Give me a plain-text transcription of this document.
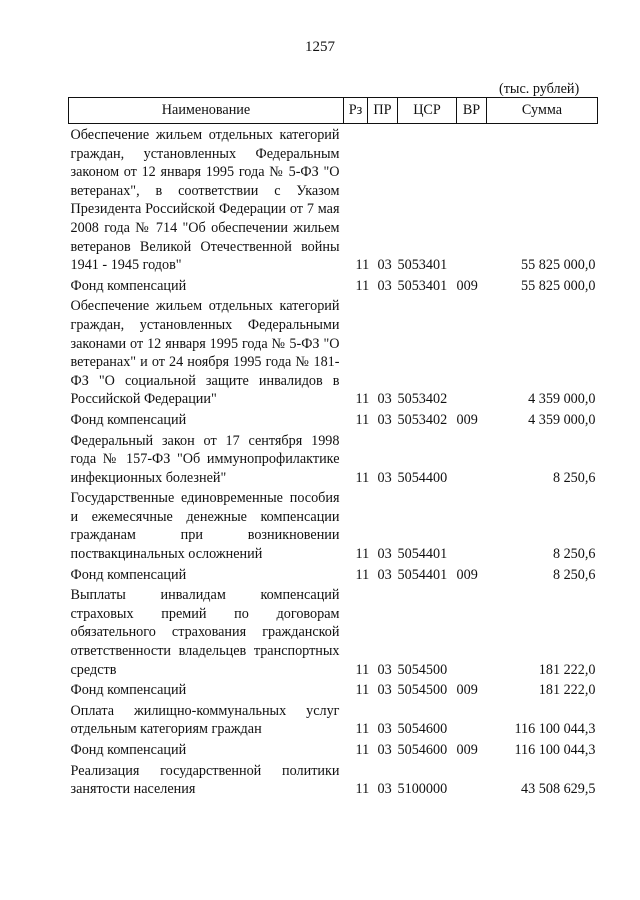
1257
(тыс. рублей)
Наименование	Рз	ПР	ЦСР	ВР	Сумма
Обеспечение жильем отдельных категорий граждан, установленных Федеральным законом от 12 января 1995 года № 5-ФЗ "О ветеранах", в соответствии с Указом Президента Российской Федерации от 7 мая 2008 года № 714 "Об обеспечении жильем ветеранов Великой Отечественной войны 1941 - 1945 годов"	11	03	5053401		55 825 000,0
Фонд компенсаций	11	03	5053401	009	55 825 000,0
Обеспечение жильем отдельных категорий граждан, установленных Федеральными законами от 12 января 1995 года № 5-ФЗ "О ветеранах" и от 24 ноября 1995 года № 181-ФЗ "О социальной защите инвалидов в Российской Федерации"	11	03	5053402		4 359 000,0
Фонд компенсаций	11	03	5053402	009	4 359 000,0
Федеральный закон от 17 сентября 1998 года № 157-ФЗ "Об иммунопрофилактике инфекционных болезней"	11	03	5054400		8 250,6
Государственные единовременные пособия и ежемесячные денежные компенсации гражданам при возникновении поствакцинальных осложнений	11	03	5054401		8 250,6
Фонд компенсаций	11	03	5054401	009	8 250,6
Выплаты инвалидам компенсаций страховых премий по договорам обязательного страхования гражданской ответственности владельцев транспортных средств	11	03	5054500		181 222,0
Фонд компенсаций	11	03	5054500	009	181 222,0
Оплата жилищно-коммунальных услуг отдельным категориям граждан	11	03	5054600		116 100 044,3
Фонд компенсаций	11	03	5054600	009	116 100 044,3
Реализация государственной политики занятости населения	11	03	5100000		43 508 629,5
